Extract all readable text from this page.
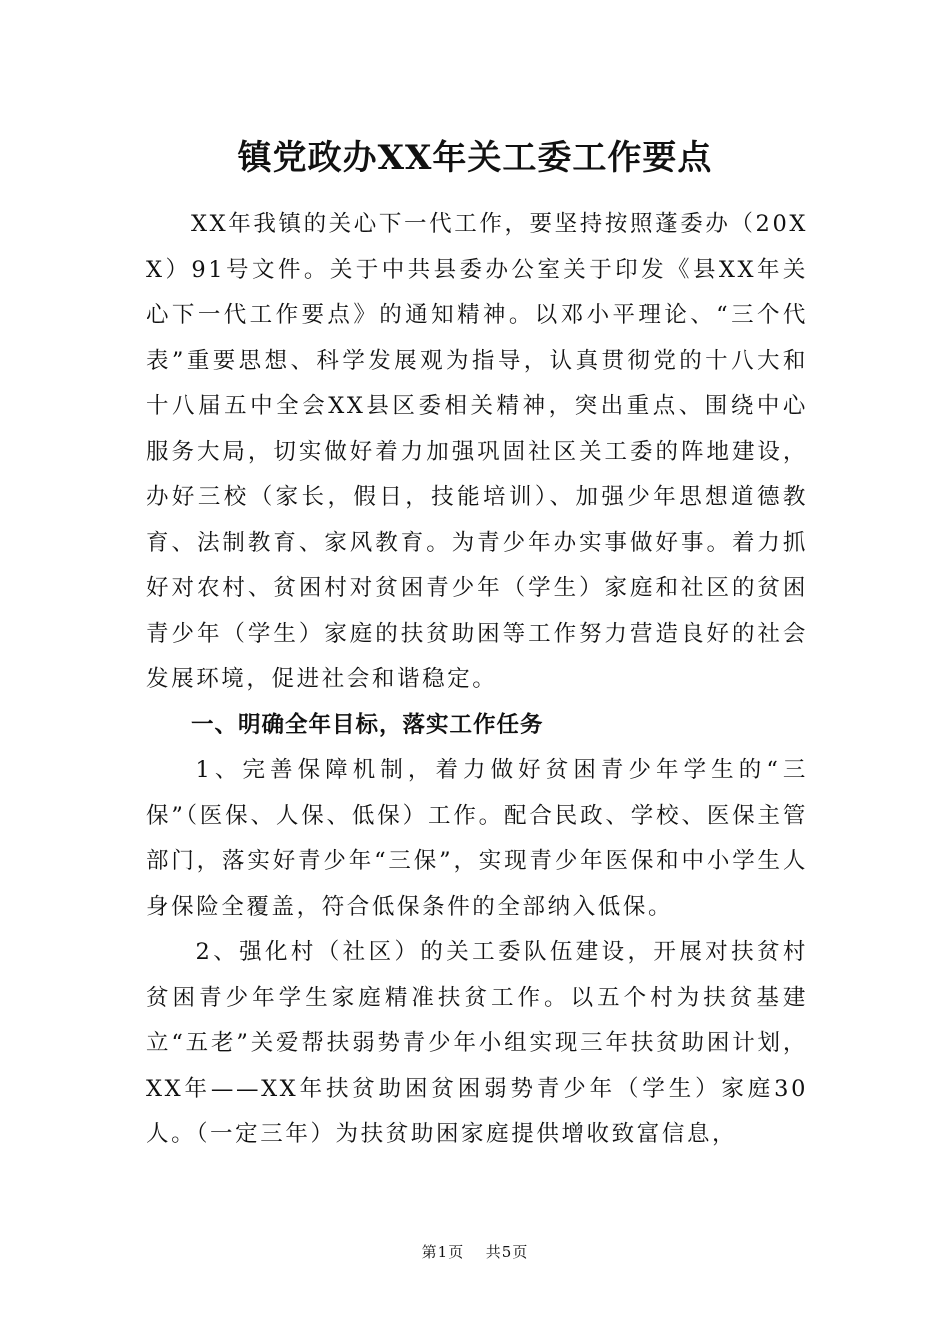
镇党政办XX年关工委工作要点

XX年我镇的关心下一代工作，要坚持按照蓬委办（20XX）91号文件。关于中共县委办公室关于印发《县XX年关心下一代工作要点》的通知精神。以邓小平理论、“三个代表”重要思想、科学发展观为指导，认真贯彻党的十八大和十八届五中全会XX县区委相关精神，突出重点、围绕中心服务大局，切实做好着力加强巩固社区关工委的阵地建设，办好三校（家长，假日，技能培训）、加强少年思想道德教育、法制教育、家风教育。为青少年办实事做好事。着力抓好对农村、贫困村对贫困青少年（学生）家庭和社区的贫困青少年（学生）家庭的扶贫助困等工作努力营造良好的社会发展环境，促进社会和谐稳定。

一、明确全年目标，落实工作任务

1、完善保障机制，着力做好贫困青少年学生的“三保”（医保、人保、低保）工作。配合民政、学校、医保主管部门，落实好青少年“三保”，实现青少年医保和中小学生人身保险全覆盖，符合低保条件的全部纳入低保。

2、强化村（社区）的关工委队伍建设，开展对扶贫村贫困青少年学生家庭精准扶贫工作。以五个村为扶贫基建立“五老”关爱帮扶弱势青少年小组实现三年扶贫助困计划，XX年——XX年扶贫助困贫困弱势青少年（学生）家庭30人。（一定三年）为扶贫助困家庭提供增收致富信息，

第1页 共5页
